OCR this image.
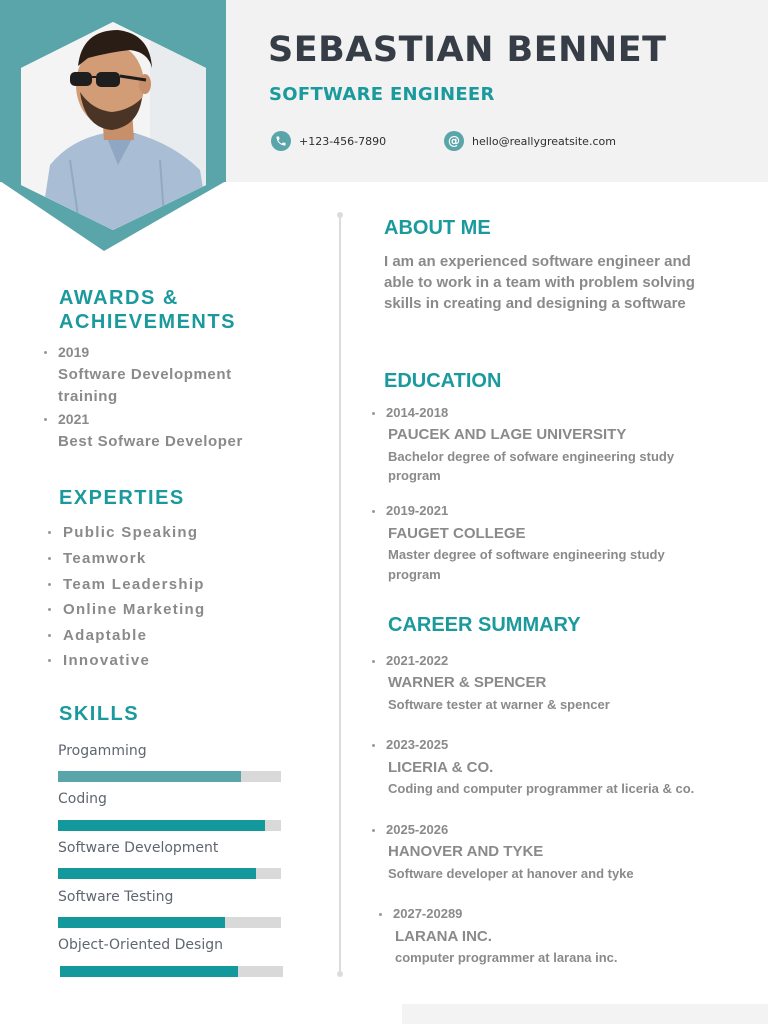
SEBASTIAN BENNET
SOFTWARE ENGINEER
+123-456-7890	@ hello@reallygreatsite.com
AWARDS &
ACHIEVEMENTS
2019
Software Development
training
2021
Best Sofware Developer
EXPERTIES
Public Speaking
Teamwork
Team Leadership
Online Marketing
Adaptable
Innovative
SKILLS
Progamming
Coding
Software Development
Software Testing
Object-Oriented Design
ABOUT ME
I am an experienced software engineer and able to work in a team with problem solving skills in creating and designing a software
EDUCATION
2014-2018
PAUCEK AND LAGE UNIVERSITY
Bachelor degree of sofware engineering study
program
2019-2021
FAUGET COLLEGE
Master degree of software engineering study
program
CAREER SUMMARY
2021-2022
WARNER & SPENCER
Software tester at warner & spencer
2023-2025
LICERIA & CO.
Coding and computer programmer at liceria & co.
2025-2026
HANOVER AND TYKE
Software developer at hanover and tyke
2027-20289
LARANA INC.
computer programmer at larana inc.
